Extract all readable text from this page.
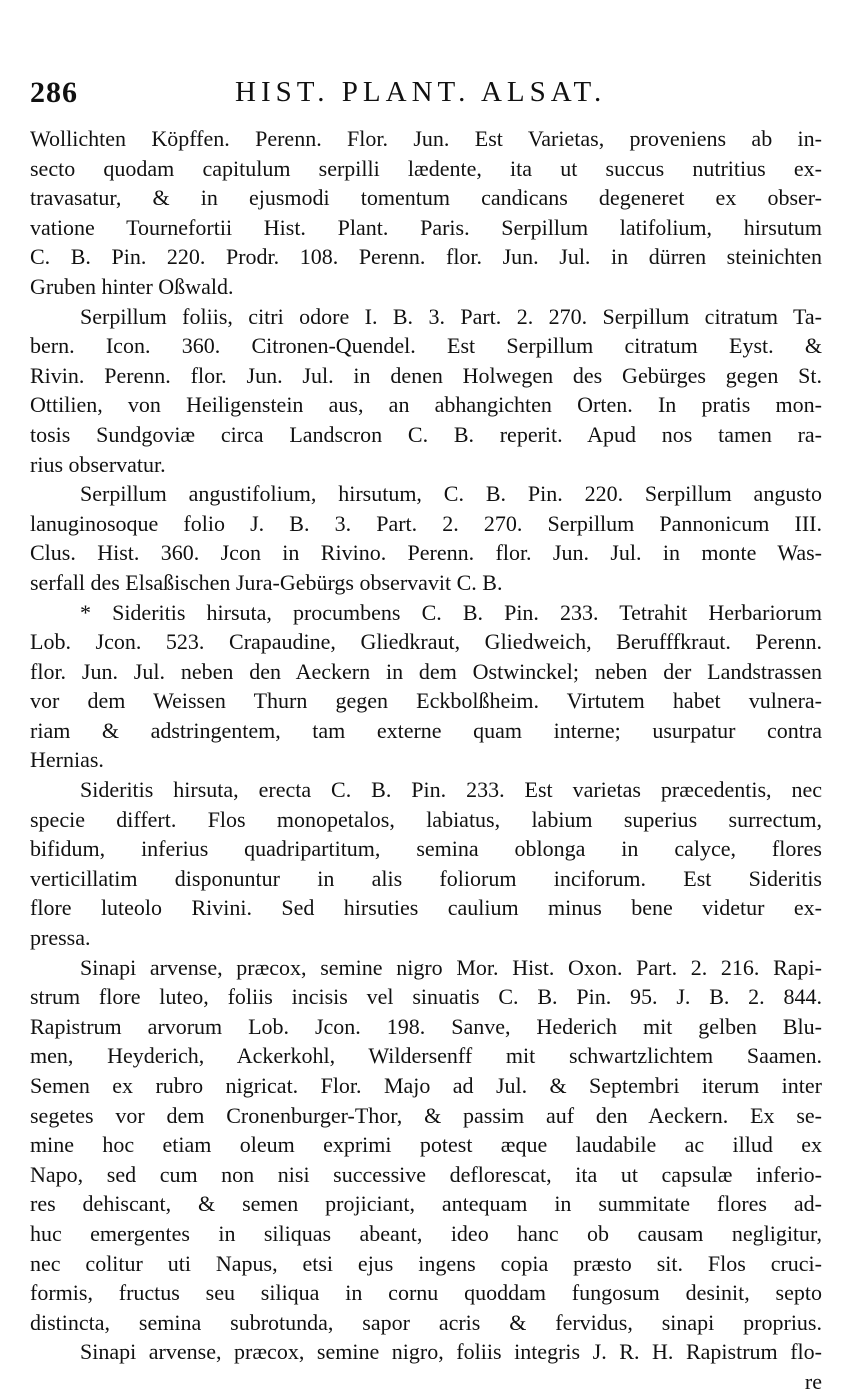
286	HIST. PLANT. ALSAT.
Wollichten Köpffen. Perenn. Flor. Jun. Est Varietas, proveniens ab in-
secto quodam capitulum serpilli lædente, ita ut succus nutritius ex-
travasatur, & in ejusmodi tomentum candicans degeneret ex obser-
vatione Tournefortii Hist. Plant. Paris. Serpillum latifolium, hirsutum
C. B. Pin. 220. Prodr. 108. Perenn. flor. Jun. Jul. in dürren steinichten
Gruben hinter Oßwald.
Serpillum foliis, citri odore I. B. 3. Part. 2. 270. Serpillum citratum Ta-
bern. Icon. 360. Citronen-Quendel. Est Serpillum citratum Eyst. &
Rivin. Perenn. flor. Jun. Jul. in denen Holwegen des Gebürges gegen St.
Ottilien, von Heiligenstein aus, an abhangichten Orten. In pratis mon-
tosis Sundgoviæ circa Landscron C. B. reperit. Apud nos tamen ra-
rius observatur.
Serpillum angustifolium, hirsutum, C. B. Pin. 220. Serpillum angusto
lanuginosoque folio J. B. 3. Part. 2. 270. Serpillum Pannonicum III.
Clus. Hist. 360. Jcon in Rivino. Perenn. flor. Jun. Jul. in monte Was-
serfall des Elsaßischen Jura-Gebürgs observavit C. B.
* Sideritis hirsuta, procumbens C. B. Pin. 233. Tetrahit Herbariorum
Lob. Jcon. 523. Crapaudine, Gliedkraut, Gliedweich, Berufffkraut. Perenn.
flor. Jun. Jul. neben den Aeckern in dem Ostwinckel; neben der Landstrassen
vor dem Weissen Thurn gegen Eckbolßheim. Virtutem habet vulnera-
riam & adstringentem, tam externe quam interne; usurpatur contra
Hernias.
Sideritis hirsuta, erecta C. B. Pin. 233. Est varietas præcedentis, nec
specie differt. Flos monopetalos, labiatus, labium superius surrectum,
bifidum, inferius quadripartitum, semina oblonga in calyce, flores
verticillatim disponuntur in alis foliorum inciforum. Est Sideritis
flore luteolo Rivini. Sed hirsuties caulium minus bene videtur ex-
pressa.
Sinapi arvense, præcox, semine nigro Mor. Hist. Oxon. Part. 2. 216. Rapi-
strum flore luteo, foliis incisis vel sinuatis C. B. Pin. 95. J. B. 2. 844.
Rapistrum arvorum Lob. Jcon. 198. Sanve, Hederich mit gelben Blu-
men, Heyderich, Ackerkohl, Wildersenff mit schwartzlichtem Saamen.
Semen ex rubro nigricat. Flor. Majo ad Jul. & Septembri iterum inter
segetes vor dem Cronenburger-Thor, & passim auf den Aeckern. Ex se-
mine hoc etiam oleum exprimi potest æque laudabile ac illud ex
Napo, sed cum non nisi successive deflorescat, ita ut capsulæ inferio-
res dehiscant, & semen projiciant, antequam in summitate flores ad-
huc emergentes in siliquas abeant, ideo hanc ob causam negligitur,
nec colitur uti Napus, etsi ejus ingens copia præsto sit. Flos cruci-
formis, fructus seu siliqua in cornu quoddam fungosum desinit, septo
distincta, semina subrotunda, sapor acris & fervidus, sinapi proprius.
Sinapi arvense, præcox, semine nigro, foliis integris J. R. H. Rapistrum flo-
re
